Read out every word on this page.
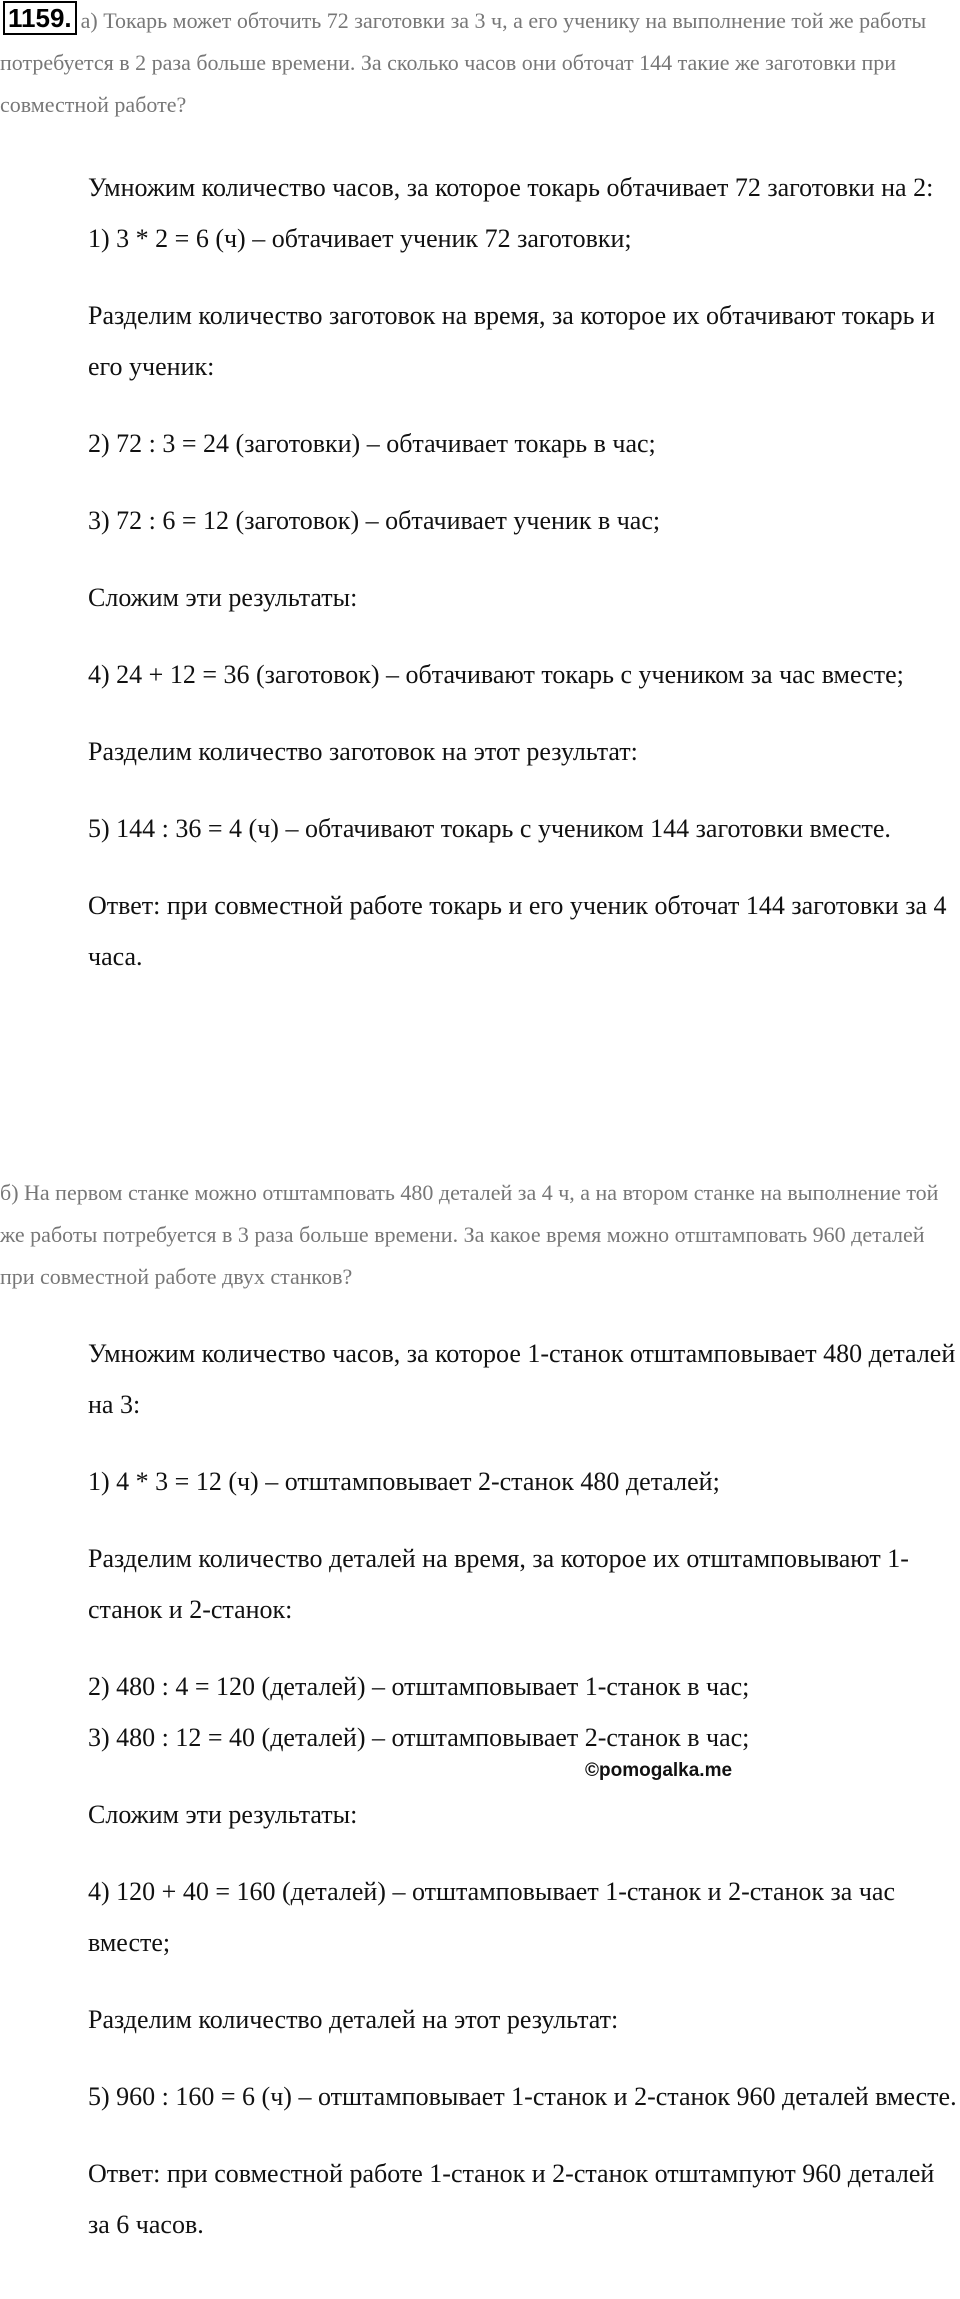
1159. а) Токарь может обточить 72 заготовки за 3 ч, а его ученику на выполнение той же работы потребуется в 2 раза больше времени. За сколько часов они обточат 144 такие же заготовки при совместной работе?

Умножим количество часов, за которое токарь обтачивает 72 заготовки на 2:

1) 3 * 2 = 6 (ч) – обтачивает ученик 72 заготовки;

Разделим количество заготовок на время, за которое их обтачивают токарь и его ученик:

2) 72 : 3 = 24 (заготовки) – обтачивает токарь в час;

3) 72 : 6 = 12 (заготовок) – обтачивает ученик в час;

Сложим эти результаты:

4) 24 + 12 = 36 (заготовок) – обтачивают токарь с учеником за час вместе;

Разделим количество заготовок на этот результат:

5) 144 : 36 = 4 (ч) – обтачивают токарь с учеником 144 заготовки вместе.

Ответ: при совместной работе токарь и его ученик обточат 144 заготовки за 4 часа.

б) На первом станке можно отштамповать 480 деталей за 4 ч, а на втором станке на выполнение той же работы потребуется в 3 раза больше времени. За какое время можно отштамповать 960 деталей при совместной работе двух станков?

Умножим количество часов, за которое 1-станок отштамповывает 480 деталей на 3:

1) 4 * 3 = 12 (ч) – отштамповывает 2-станок 480 деталей;

Разделим количество деталей на время, за которое их отштамповывают 1-станок и 2-станок:

2) 480 : 4 = 120 (деталей) – отштамповывает 1-станок в час;

3) 480 : 12 = 40 (деталей) – отштамповывает 2-станок в час;

Сложим эти результаты:

4) 120 + 40 = 160 (деталей) – отштамповывает 1-станок и 2-станок за час вместе;

Разделим количество деталей на этот результат:

5) 960 : 160 = 6 (ч) – отштамповывает 1-станок и 2-станок 960 деталей вместе.

Ответ: при совместной работе 1-станок и 2-станок отштампуют 960 деталей за 6 часов.

©pomogalka.me
